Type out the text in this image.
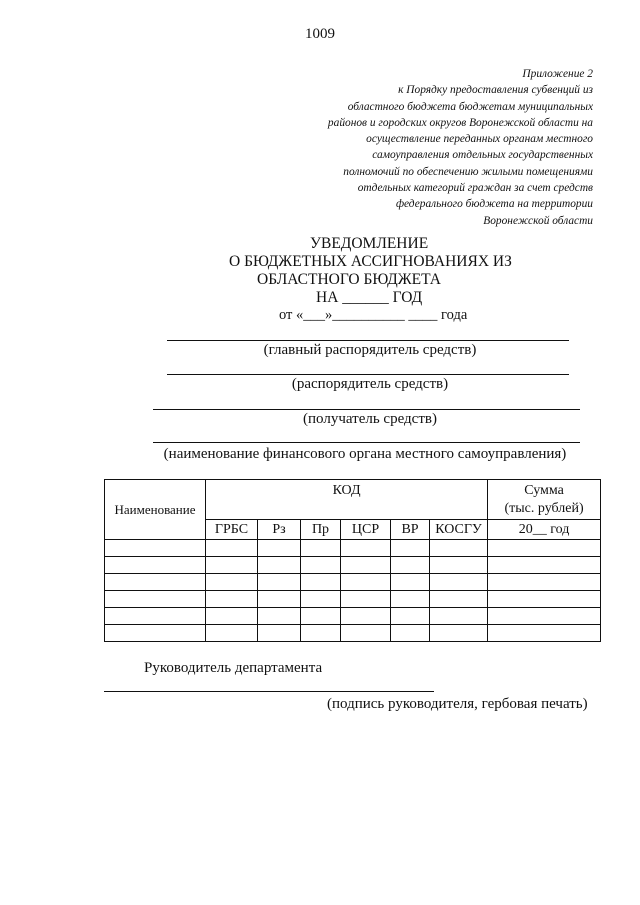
1009
Приложение 2
к Порядку предоставления субвенций из
областного бюджета бюджетам муниципальных
районов и городских округов Воронежской области на
осуществление переданных органам местного
самоуправления отдельных государственных
полномочий по обеспечению жилыми помещениями
отдельных категорий граждан за счет средств
федерального бюджета на территории
Воронежской области
УВЕДОМЛЕНИЕ
О БЮДЖЕТНЫХ АССИГНОВАНИЯХ ИЗ
ОБЛАСТНОГО БЮДЖЕТА
НА ______ ГОД
от «___»__________ ____ года
(главный распорядитель средств)
(распорядитель средств)
(получатель средств)
(наименование финансового органа местного самоуправления)
Наименование	КОД						Сумма
(тыс. рублей)

	ГРБС	Рз	Пр	ЦСР	ВР	КОСГУ	20__ год

Руководитель департамента
(подпись руководителя, гербовая печать)
